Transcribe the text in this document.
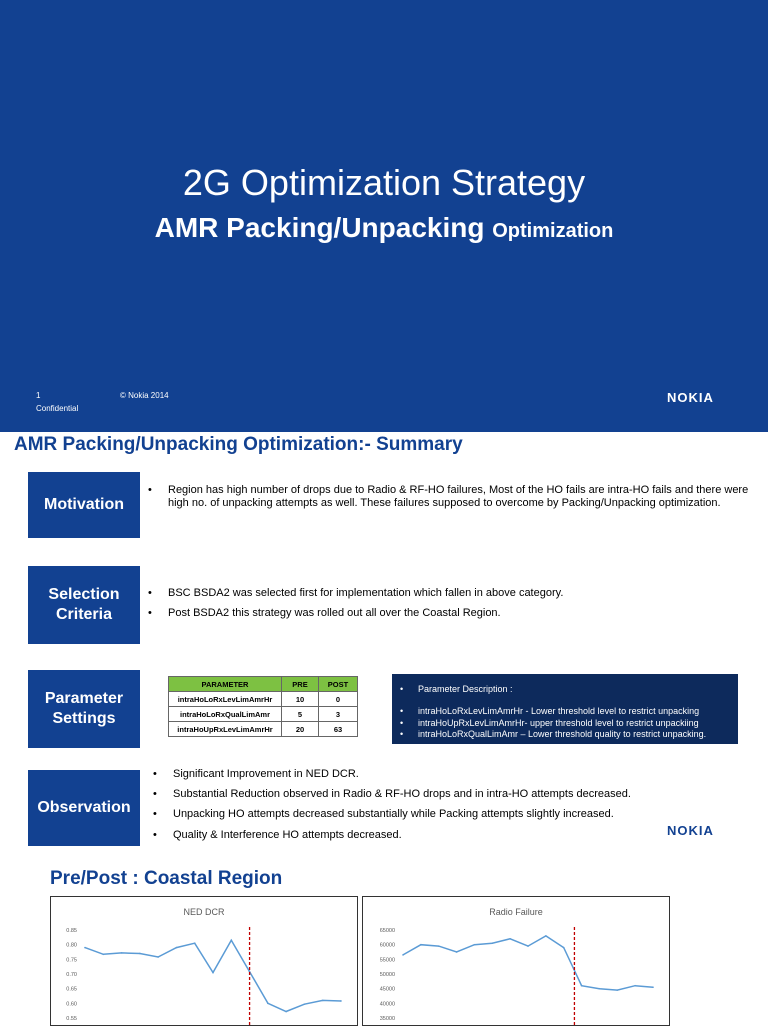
2G Optimization Strategy
AMR Packing/Unpacking Optimization
1
Confidential
© Nokia 2014	NOKIA
AMR Packing/Unpacking Optimization:- Summary
Motivation
• Region has high number of drops due to Radio & RF-HO failures, Most of the HO fails are intra-HO fails and there were high no. of unpacking attempts as well. These failures supposed to overcome by Packing/Unpacking optimization.
Selection
Criteria
• BSC BSDA2 was selected first for implementation which fallen in above category.
• Post BSDA2 this strategy was rolled out all over the Coastal Region.
Parameter
Settings
PARAMETER	PRE	POST
intraHoLoRxLevLimAmrHr	10	0
intraHoLoRxQualLimAmr	5	3
intraHoUpRxLevLimAmrHr	20	63
• Parameter Description :
• intraHoLoRxLevLimAmrHr - Lower threshold level to restrict unpacking
• intraHoUpRxLevLimAmrHr- upper threshold level to restrict unpackiing
• intraHoLoRxQualLimAmr – Lower threshold quality to restrict unpacking.
Observation
• Significant Improvement in NED DCR.
• Substantial Reduction observed in Radio & RF-HO drops and in intra-HO attempts decreased.
• Unpacking HO attempts decreased substantially while Packing attempts slightly increased.
• Quality & Interference HO attempts decreased.	NOKIA
Pre/Post : Coastal Region
NED DCR
0.85
0.80
0.75
0.70
0.65
0.60
0.55
Radio Failure
65000
60000
55000
50000
45000
40000
35000
